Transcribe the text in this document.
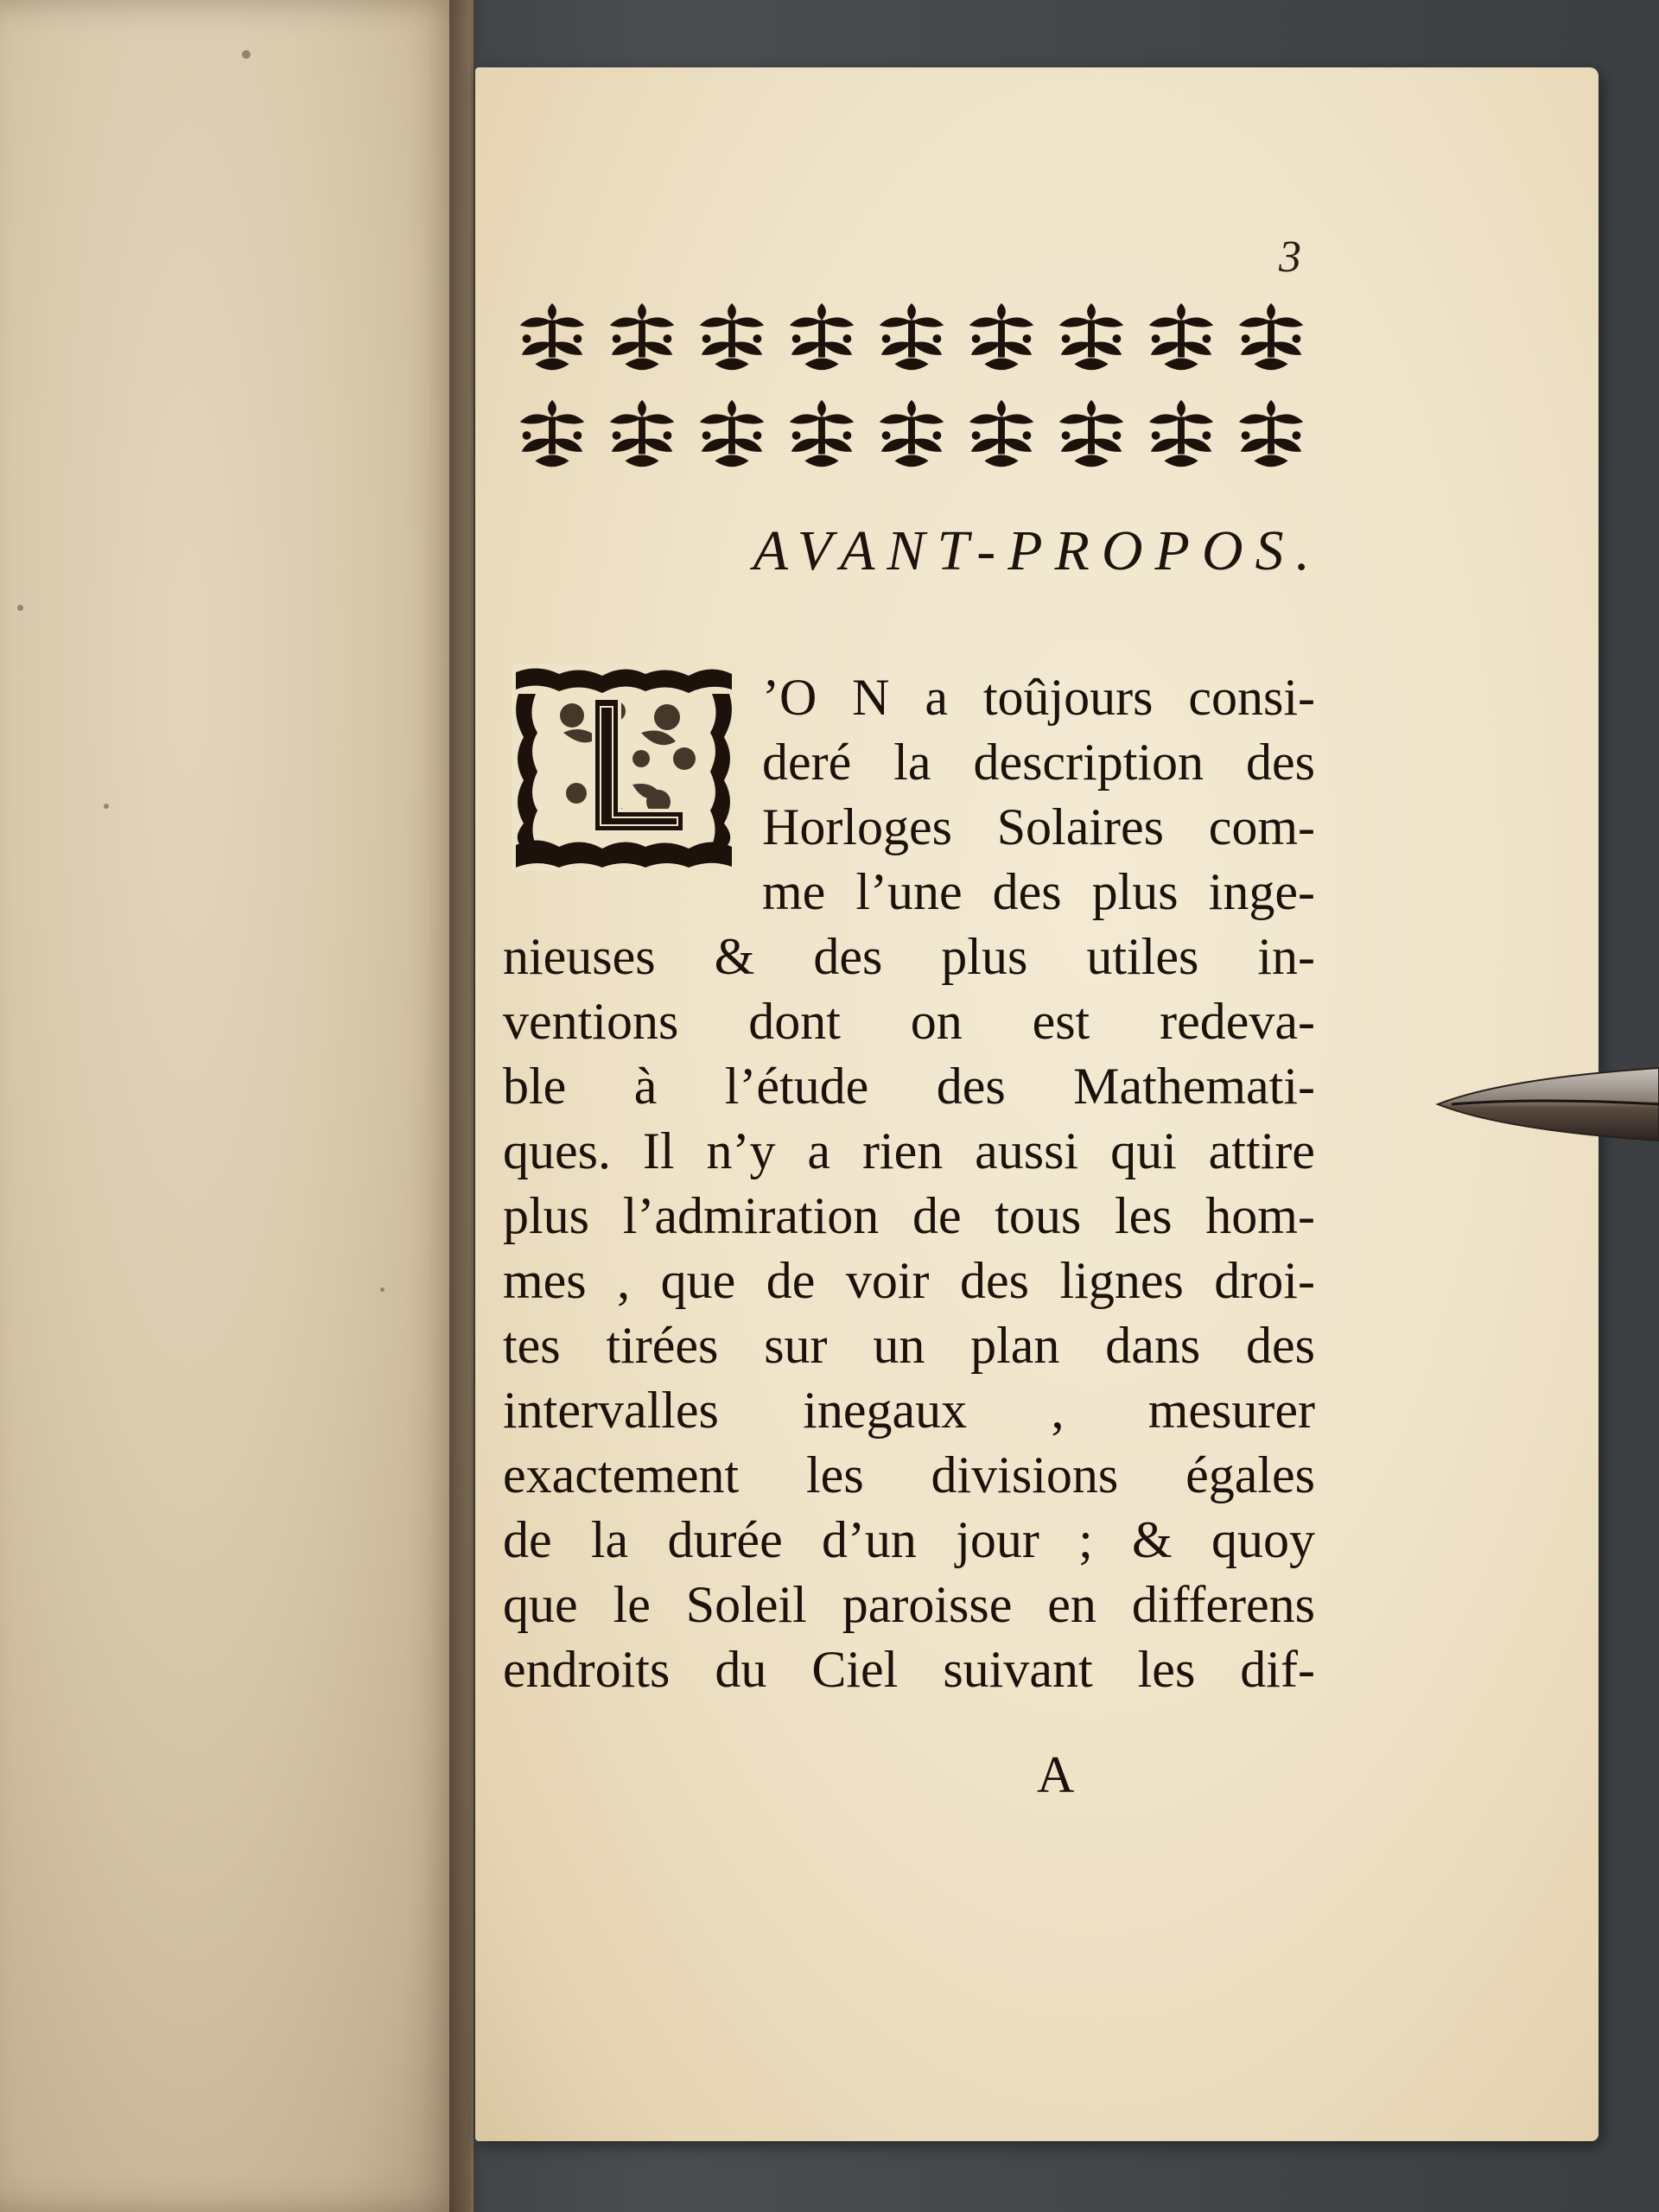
3
AVANT-PROPOS.
’O N a toûjours consi-
deré la description des
Horloges Solaires com-
me l’une des plus inge-
nieuses & des plus utiles in-
ventions dont on est redeva-
ble à l’étude des Mathemati-
ques. Il n’y a rien aussi qui attire
plus l’admiration de tous les hom-
mes , que de voir des lignes droi-
tes tirées sur un plan dans des
intervalles inegaux , mesurer
exactement les divisions égales
de la durée d’un jour ; & quoy
que le Soleil paroisse en differens
endroits du Ciel suivant les dif-
A
